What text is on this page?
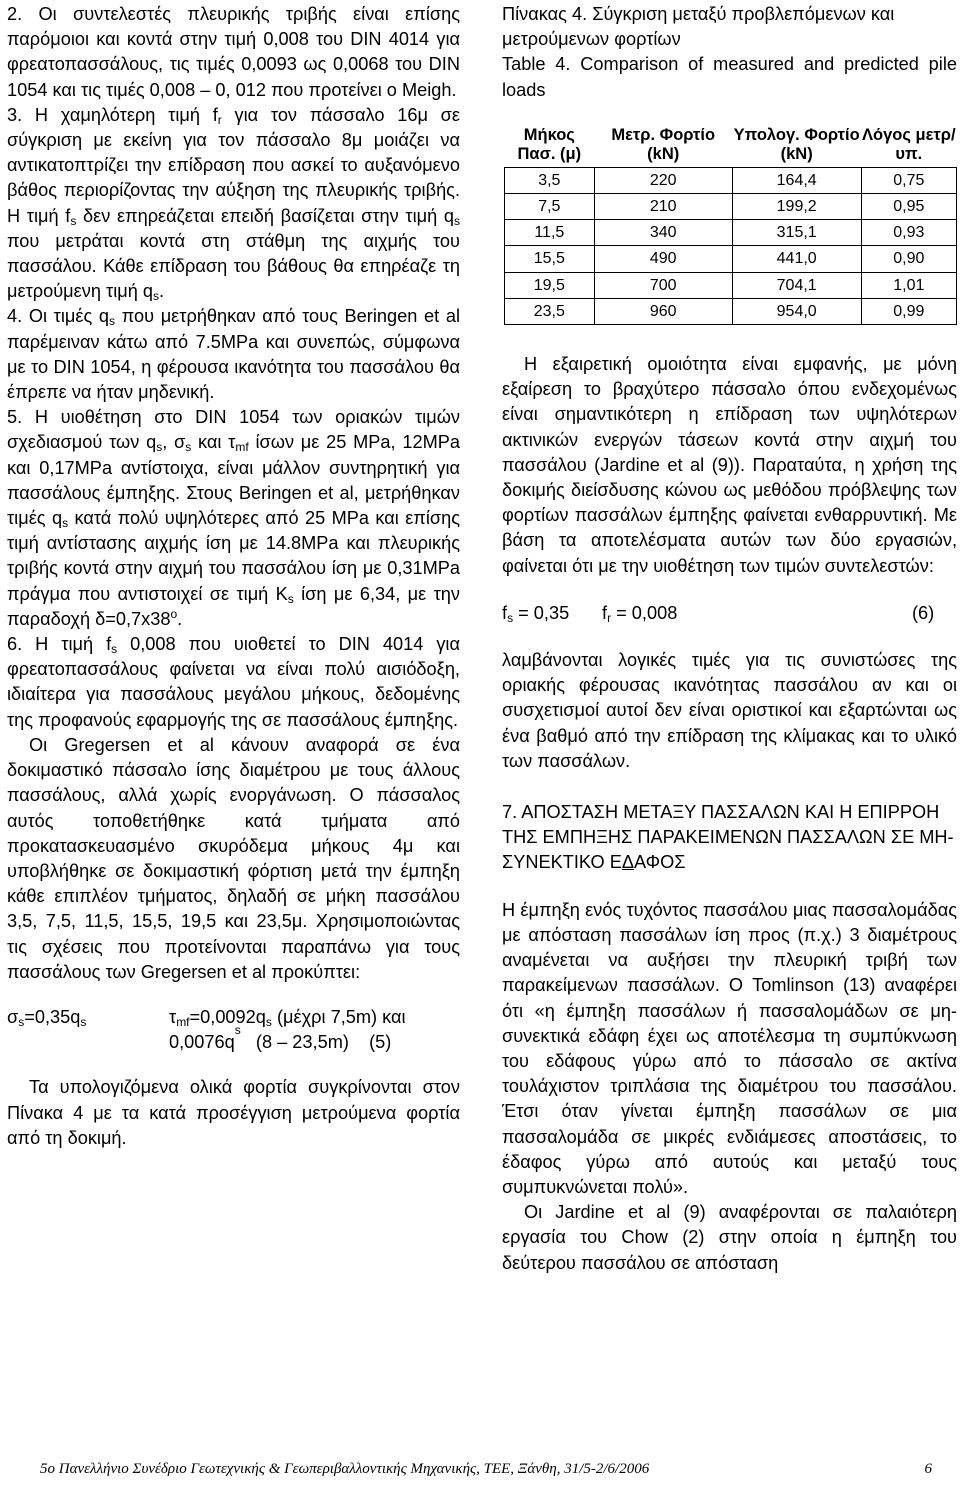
2. Οι συντελεστές πλευρικής τριβής είναι επίσης παρόμοιοι και κοντά στην τιμή 0,008 του DIN 4014 για φρεατοπασσάλους, τις τιμές 0,0093 ως 0,0068 του DIN 1054 και τις τιμές 0,008 – 0, 012 που προτείνει ο Meigh.

3. Η χαμηλότερη τιμή $f_r$ για τον πάσσαλο 16μ σε σύγκριση με εκείνη για τον πάσσαλο 8μ μοιάζει να αντικατοπτρίζει την επίδραση που ασκεί το αυξανόμενο βάθος περιορίζοντας την αύξηση της πλευρικής τριβής. Η τιμή $f_s$ δεν επηρεάζεται επειδή βασίζεται στην τιμή $q_s$ που μετράται κοντά στη στάθμη της αιχμής του πασσάλου. Κάθε επίδραση του βάθους θα επηρέαζε τη μετρούμενη τιμή $q_s$.

4. Οι τιμές $q_s$ που μετρήθηκαν από τους Beringen et al παρέμειναν κάτω από 7.5MPa και συνεπώς, σύμφωνα με το DIN 1054, η φέρουσα ικανότητα του πασσάλου θα έπρεπε να ήταν μηδενική.

5. Η υιοθέτηση στο DIN 1054 των οριακών τιμών σχεδιασμού των $q_s$, $\sigma_s$ και $\tau_{mf}$ ίσων με 25 MPa, 12MPa και 0,17MPa αντίστοιχα, είναι μάλλον συντηρητική για πασσάλους έμπηξης. Στους Beringen et al, μετρήθηκαν τιμές $q_s$ κατά πολύ υψηλότερες από 25 MPa και επίσης τιμή αντίστασης αιχμής ίση με 14.8MPa και πλευρικής τριβής κοντά στην αιχμή του πασσάλου ίση με 0,31MPa πράγμα που αντιστοιχεί σε τιμή $K_s$ ίση με 6,34, με την παραδοχή $\delta=0,7x38^o$.

6. Η τιμή $f_s$ 0,008 που υιοθετεί το DIN 4014 για φρεατοπασσάλους φαίνεται να είναι πολύ αισιόδοξη, ιδιαίτερα για πασσάλους μεγάλου μήκους, δεδομένης της προφανούς εφαρμογής της σε πασσάλους έμπηξης.

Οι Gregersen et al κάνουν αναφορά σε ένα δοκιμαστικό πάσσαλο ίσης διαμέτρου με τους άλλους πασσάλους, αλλά χωρίς ενοργάνωση. Ο πάσσαλος αυτός τοποθετήθηκε κατά τμήματα από προκατασκευασμένο σκυρόδεμα μήκους 4μ και υποβλήθηκε σε δοκιμαστική φόρτιση μετά την έμπηξη κάθε επιπλέον τμήματος, δηλαδή σε μήκη πασσάλου 3,5, 7,5, 11,5, 15,5, 19,5 και 23,5μ. Χρησιμοποιώντας τις σχέσεις που προτείνονται παραπάνω για τους πασσάλους των Gregersen et al προκύπτει:

$\sigma_s=0,35q_s$	$\tau_{mf}=0,0092q_s$ (μέχρι 7,5m) και
0,0076q
s
(8 – 23,5m)    (5)

Τα υπολογιζόμενα ολικά φορτία συγκρίνονται στον Πίνακα 4 με τα κατά προσέγγιση μετρούμενα φορτία από τη δοκιμή.

Πίνακας 4. Σύγκριση μεταξύ προβλεπόμενων και μετρούμενων φορτίων

Table 4. Comparison of measured and predicted pile loads

Μήκος Πασ. (μ)	Μετρ. Φορτίο (kN)	Υπολογ. Φορτίο (kN)	Λόγος μετρ/υπ.
3,5	220	164,4	0,75
7,5	210	199,2	0,95
11,5	340	315,1	0,93
15,5	490	441,0	0,90
19,5	700	704,1	1,01
23,5	960	954,0	0,99

Η εξαιρετική ομοιότητα είναι εμφανής, με μόνη εξαίρεση το βραχύτερο πάσσαλο όπου ενδεχομένως είναι σημαντικότερη η επίδραση των υψηλότερων ακτινικών ενεργών τάσεων κοντά στην αιχμή του πασσάλου (Jardine et al (9)). Παραταύτα, η χρήση της δοκιμής διείσδυσης κώνου ως μεθόδου πρόβλεψης των φορτίων πασσάλων έμπηξης φαίνεται ενθαρρυντική. Με βάση τα αποτελέσματα αυτών των δύο εργασιών, φαίνεται ότι με την υιοθέτηση των τιμών συντελεστών:

$f_s = 0,35$	$f_r = 0,008$	(6)

λαμβάνονται λογικές τιμές για τις συνιστώσες της οριακής φέρουσας ικανότητας πασσάλου αν και οι συσχετισμοί αυτοί δεν είναι οριστικοί και εξαρτώνται ως ένα βαθμό από την επίδραση της κλίμακας και το υλικό των πασσάλων.

7. ΑΠΟΣΤΑΣΗ ΜΕΤΑΞΥ ΠΑΣΣΑΛΩΝ ΚΑΙ Η ΕΠΙΡΡΟΗ ΤΗΣ ΕΜΠΗΞΗΣ ΠΑΡΑΚΕΙΜΕΝΩΝ ΠΑΣΣΑΛΩΝ ΣΕ ΜΗ-ΣΥΝΕΚΤΙΚΟ ΕΔΑΦΟΣ

Η έμπηξη ενός τυχόντος πασσάλου μιας πασσαλομάδας με απόσταση πασσάλων ίση προς (π.χ.) 3 διαμέτρους αναμένεται να αυξήσει την πλευρική τριβή των παρακείμενων πασσάλων. Ο Tomlinson (13) αναφέρει ότι «η έμπηξη πασσάλων ή πασσαλομάδων σε μη-συνεκτικά εδάφη έχει ως αποτέλεσμα τη συμπύκνωση του εδάφους γύρω από το πάσσαλο σε ακτίνα τουλάχιστον τριπλάσια της διαμέτρου του πασσάλου. Έτσι όταν γίνεται έμπηξη πασσάλων σε μια πασσαλομάδα σε μικρές ενδιάμεσες αποστάσεις, το έδαφος γύρω από αυτούς και μεταξύ τους συμπυκνώνεται πολύ».

Οι Jardine et al (9) αναφέρονται σε παλαιότερη εργασία του Chow (2) στην οποία η έμπηξη του δεύτερου πασσάλου σε απόσταση

5ο Πανελλήνιο Συνέδριο Γεωτεχνικής & Γεωπεριβαλλοντικής Μηχανικής, ΤΕΕ, Ξάνθη, 31/5-2/6/2006	6
